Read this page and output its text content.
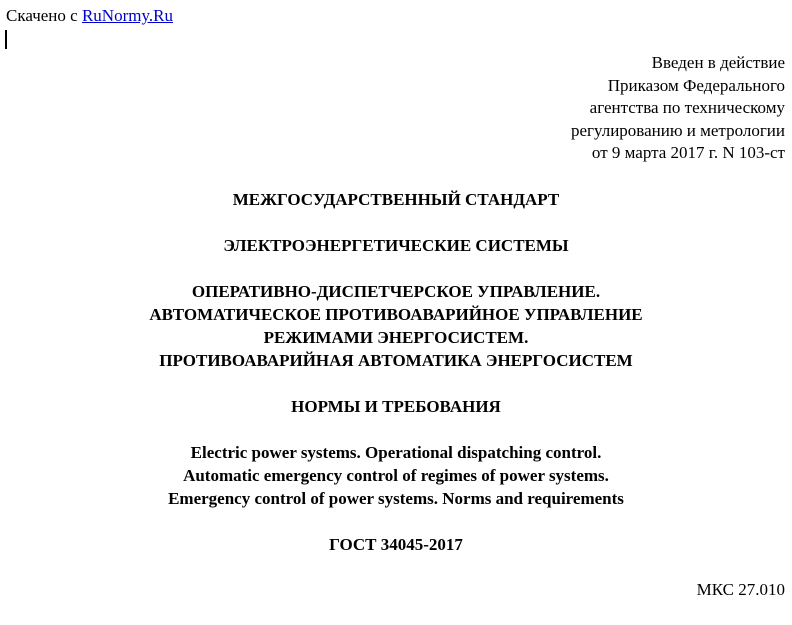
Скачено с RuNormy.Ru
Введен в действие
Приказом Федерального
агентства по техническому
регулированию и метрологии
от 9 марта 2017 г. N 103-ст
МЕЖГОСУДАРСТВЕННЫЙ СТАНДАРТ
ЭЛЕКТРОЭНЕРГЕТИЧЕСКИЕ СИСТЕМЫ
ОПЕРАТИВНО-ДИСПЕТЧЕРСКОЕ УПРАВЛЕНИЕ.
АВТОМАТИЧЕСКОЕ ПРОТИВОАВАРИЙНОЕ УПРАВЛЕНИЕ
РЕЖИМАМИ ЭНЕРГОСИСТЕМ.
ПРОТИВОАВАРИЙНАЯ АВТОМАТИКА ЭНЕРГОСИСТЕМ
НОРМЫ И ТРЕБОВАНИЯ
Electric power systems. Operational dispatching control.
Automatic emergency control of regimes of power systems.
Emergency control of power systems. Norms and requirements
ГОСТ 34045-2017
МКС 27.010
